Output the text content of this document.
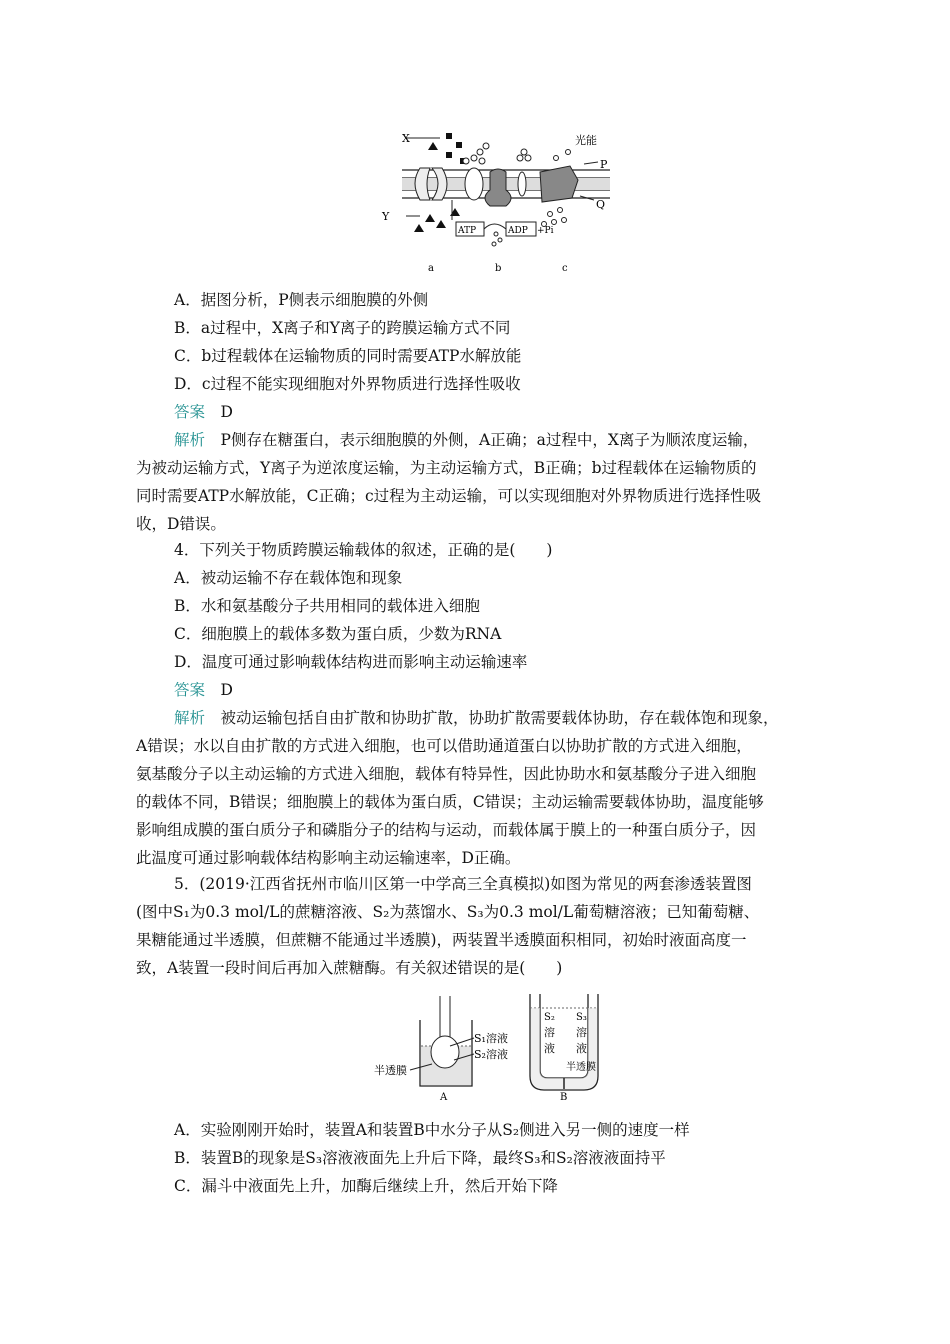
X
Y
光能
P
Q
ATP	ADP +Pi
a	b	c
A．据图分析，P侧表示细胞膜的外侧
B．a过程中，X离子和Y离子的跨膜运输方式不同
C．b过程载体在运输物质的同时需要ATP水解放能
D．c过程不能实现细胞对外界物质进行选择性吸收
答案　 D
解析　 P侧存在糖蛋白，表示细胞膜的外侧，A正确；a过程中，X离子为顺浓度运输，
为被动运输方式，Y离子为逆浓度运输，为主动运输方式，B正确；b过程载体在运输物质的
同时需要ATP水解放能，C正确；c过程为主动运输，可以实现细胞对外界物质进行选择性吸
收，D错误。
4．下列关于物质跨膜运输载体的叙述，正确的是(　　)
A．被动运输不存在载体饱和现象
B．水和氨基酸分子共用相同的载体进入细胞
C．细胞膜上的载体多数为蛋白质，少数为RNA
D．温度可通过影响载体结构进而影响主动运输速率
答案　 D
解析　 被动运输包括自由扩散和协助扩散，协助扩散需要载体协助，存在载体饱和现象，
A错误；水以自由扩散的方式进入细胞，也可以借助通道蛋白以协助扩散的方式进入细胞，
氨基酸分子以主动运输的方式进入细胞，载体有特异性，因此协助水和氨基酸分子进入细胞
的载体不同，B错误；细胞膜上的载体为蛋白质，C错误；主动运输需要载体协助，温度能够
影响组成膜的蛋白质分子和磷脂分子的结构与运动，而载体属于膜上的一种蛋白质分子，因
此温度可通过影响载体结构影响主动运输速率，D正确。
5．(2019·江西省抚州市临川区第一中学高三全真模拟)如图为常见的两套渗透装置图
(图中S₁为0.3 mol/L的蔗糖溶液、S₂为蒸馏水、S₃为0.3 mol/L葡萄糖溶液；已知葡萄糖、
果糖能通过半透膜，但蔗糖不能通过半透膜)，两装置半透膜面积相同，初始时液面高度一
致，A装置一段时间后再加入蔗糖酶。有关叙述错误的是(　　)
S₁溶液
S₂溶液
半透膜
A
S₂
溶
液
S₃
溶
液
半透膜
B
A．实验刚刚开始时，装置A和装置B中水分子从S₂侧进入另一侧的速度一样
B．装置B的现象是S₃溶液液面先上升后下降，最终S₃和S₂溶液液面持平
C．漏斗中液面先上升，加酶后继续上升，然后开始下降
